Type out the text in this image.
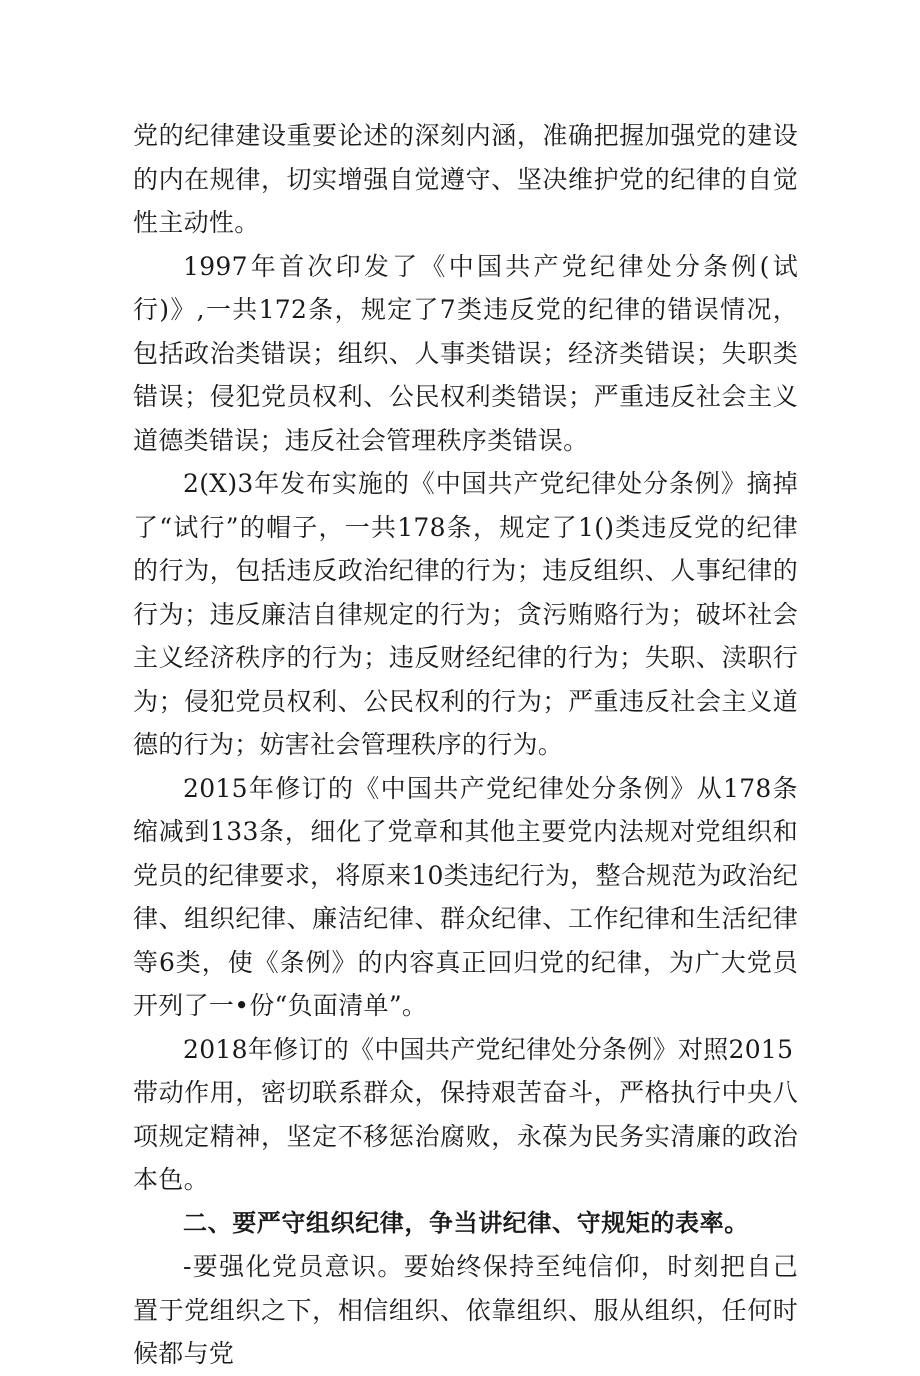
党的纪律建设重要论述的深刻内涵，准确把握加强党的建设的内在规律，切实增强自觉遵守、坚决维护党的纪律的自觉性主动性。

1997年首次印发了《中国共产党纪律处分条例(试行)》,一共172条，规定了7类违反党的纪律的错误情况，包括政治类错误；组织、人事类错误；经济类错误；失职类错误；侵犯党员权利、公民权利类错误；严重违反社会主义道德类错误；违反社会管理秩序类错误。

2(X)3年发布实施的《中国共产党纪律处分条例》摘掉了“试行”的帽子，一共178条，规定了1()类违反党的纪律的行为，包括违反政治纪律的行为；违反组织、人事纪律的行为；违反廉洁自律规定的行为；贪污贿赂行为；破坏社会主义经济秩序的行为；违反财经纪律的行为；失职、渎职行为；侵犯党员权利、公民权利的行为；严重违反社会主义道德的行为；妨害社会管理秩序的行为。

2015年修订的《中国共产党纪律处分条例》从178条缩减到133条，细化了党章和其他主要党内法规对党组织和党员的纪律要求，将原来10类违纪行为，整合规范为政治纪律、组织纪律、廉洁纪律、群众纪律、工作纪律和生活纪律等6类，使《条例》的内容真正回归党的纪律，为广大党员开列了一•份“负面清单”。

2018年修订的《中国共产党纪律处分条例》对照2015

带动作用，密切联系群众，保持艰苦奋斗，严格执行中央八项规定精神，坚定不移惩治腐败，永葆为民务实清廉的政治本色。

二、要严守组织纪律，争当讲纪律、守规矩的表率。

-要强化党员意识。要始终保持至纯信仰，时刻把自己置于党组织之下，相信组织、依靠组织、服从组织，任何时候都与党
